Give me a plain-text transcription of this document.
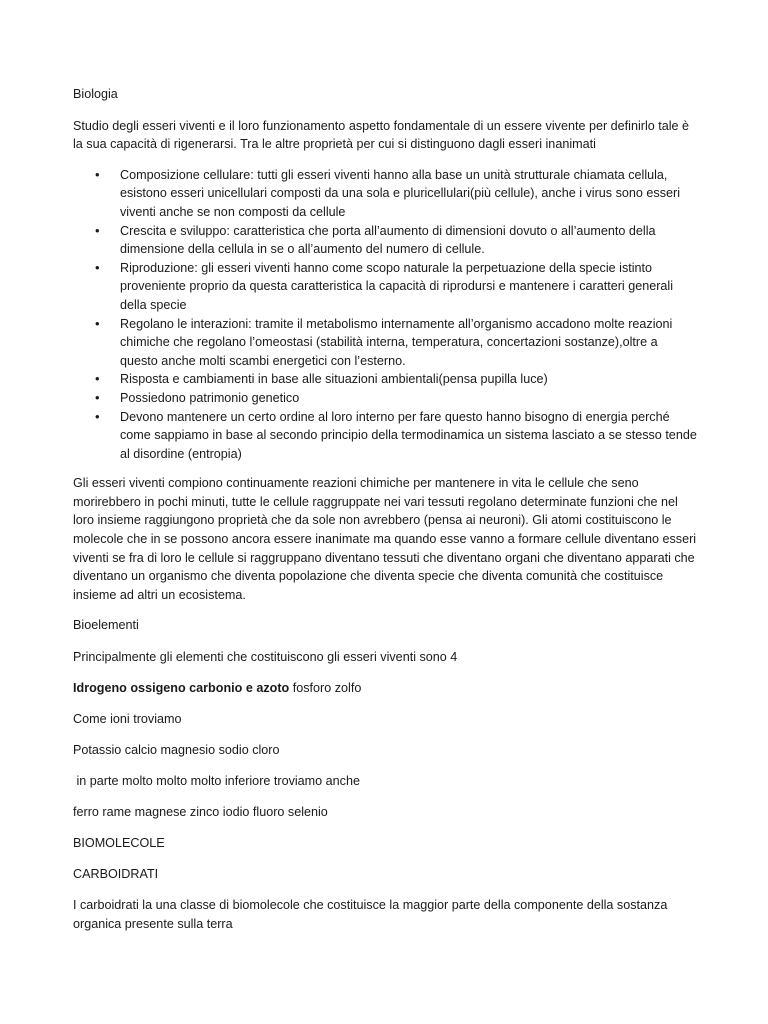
Biologia

Studio degli esseri viventi e il loro funzionamento aspetto fondamentale di un essere vivente per definirlo tale è la sua capacità di rigenerarsi. Tra le altre proprietà per cui si distinguono dagli esseri inanimati

• Composizione cellulare: tutti gli esseri viventi hanno alla base un unità strutturale chiamata cellula, esistono esseri unicellulari composti da una sola e pluricellulari(più cellule), anche i virus sono esseri viventi anche se non composti da cellule
• Crescita e sviluppo: caratteristica che porta all’aumento di dimensioni dovuto o all’aumento della dimensione della cellula in se o all’aumento del numero di cellule.
• Riproduzione: gli esseri viventi hanno come scopo naturale la perpetuazione della specie istinto proveniente proprio da questa caratteristica la capacità di riprodursi e mantenere i caratteri generali della specie
• Regolano le interazioni: tramite il metabolismo internamente all’organismo accadono molte reazioni chimiche che regolano l’omeostasi (stabilità interna, temperatura, concertazioni sostanze),oltre a questo anche molti scambi energetici con l’esterno.
• Risposta e cambiamenti in base alle situazioni ambientali(pensa pupilla luce)
• Possiedono patrimonio genetico
• Devono mantenere un certo ordine al loro interno per fare questo hanno bisogno di energia perché come sappiamo in base al secondo principio della termodinamica un sistema lasciato a se stesso tende al disordine (entropia)

Gli esseri viventi compiono continuamente reazioni chimiche per mantenere in vita le cellule che seno morirebbero in pochi minuti, tutte le cellule raggruppate nei vari tessuti regolano determinate funzioni che nel loro insieme raggiungono proprietà che da sole non avrebbero (pensa ai neuroni). Gli atomi costituiscono le molecole che in se possono ancora essere inanimate ma quando esse vanno a formare cellule diventano esseri viventi se fra di loro le cellule si raggruppano diventano tessuti che diventano organi che diventano apparati che diventano un organismo che diventa popolazione che diventa specie che diventa comunità che costituisce insieme ad altri un ecosistema.

Bioelementi

Principalmente gli elementi che costituiscono gli esseri viventi sono 4

Idrogeno ossigeno carbonio e azoto fosforo zolfo

Come ioni troviamo

Potassio calcio magnesio sodio cloro

in parte molto molto molto inferiore troviamo anche

ferro rame magnese zinco iodio fluoro selenio

BIOMOLECOLE

CARBOIDRATI

I carboidrati la una classe di biomolecole che costituisce la maggior parte della componente della sostanza organica presente sulla terra
